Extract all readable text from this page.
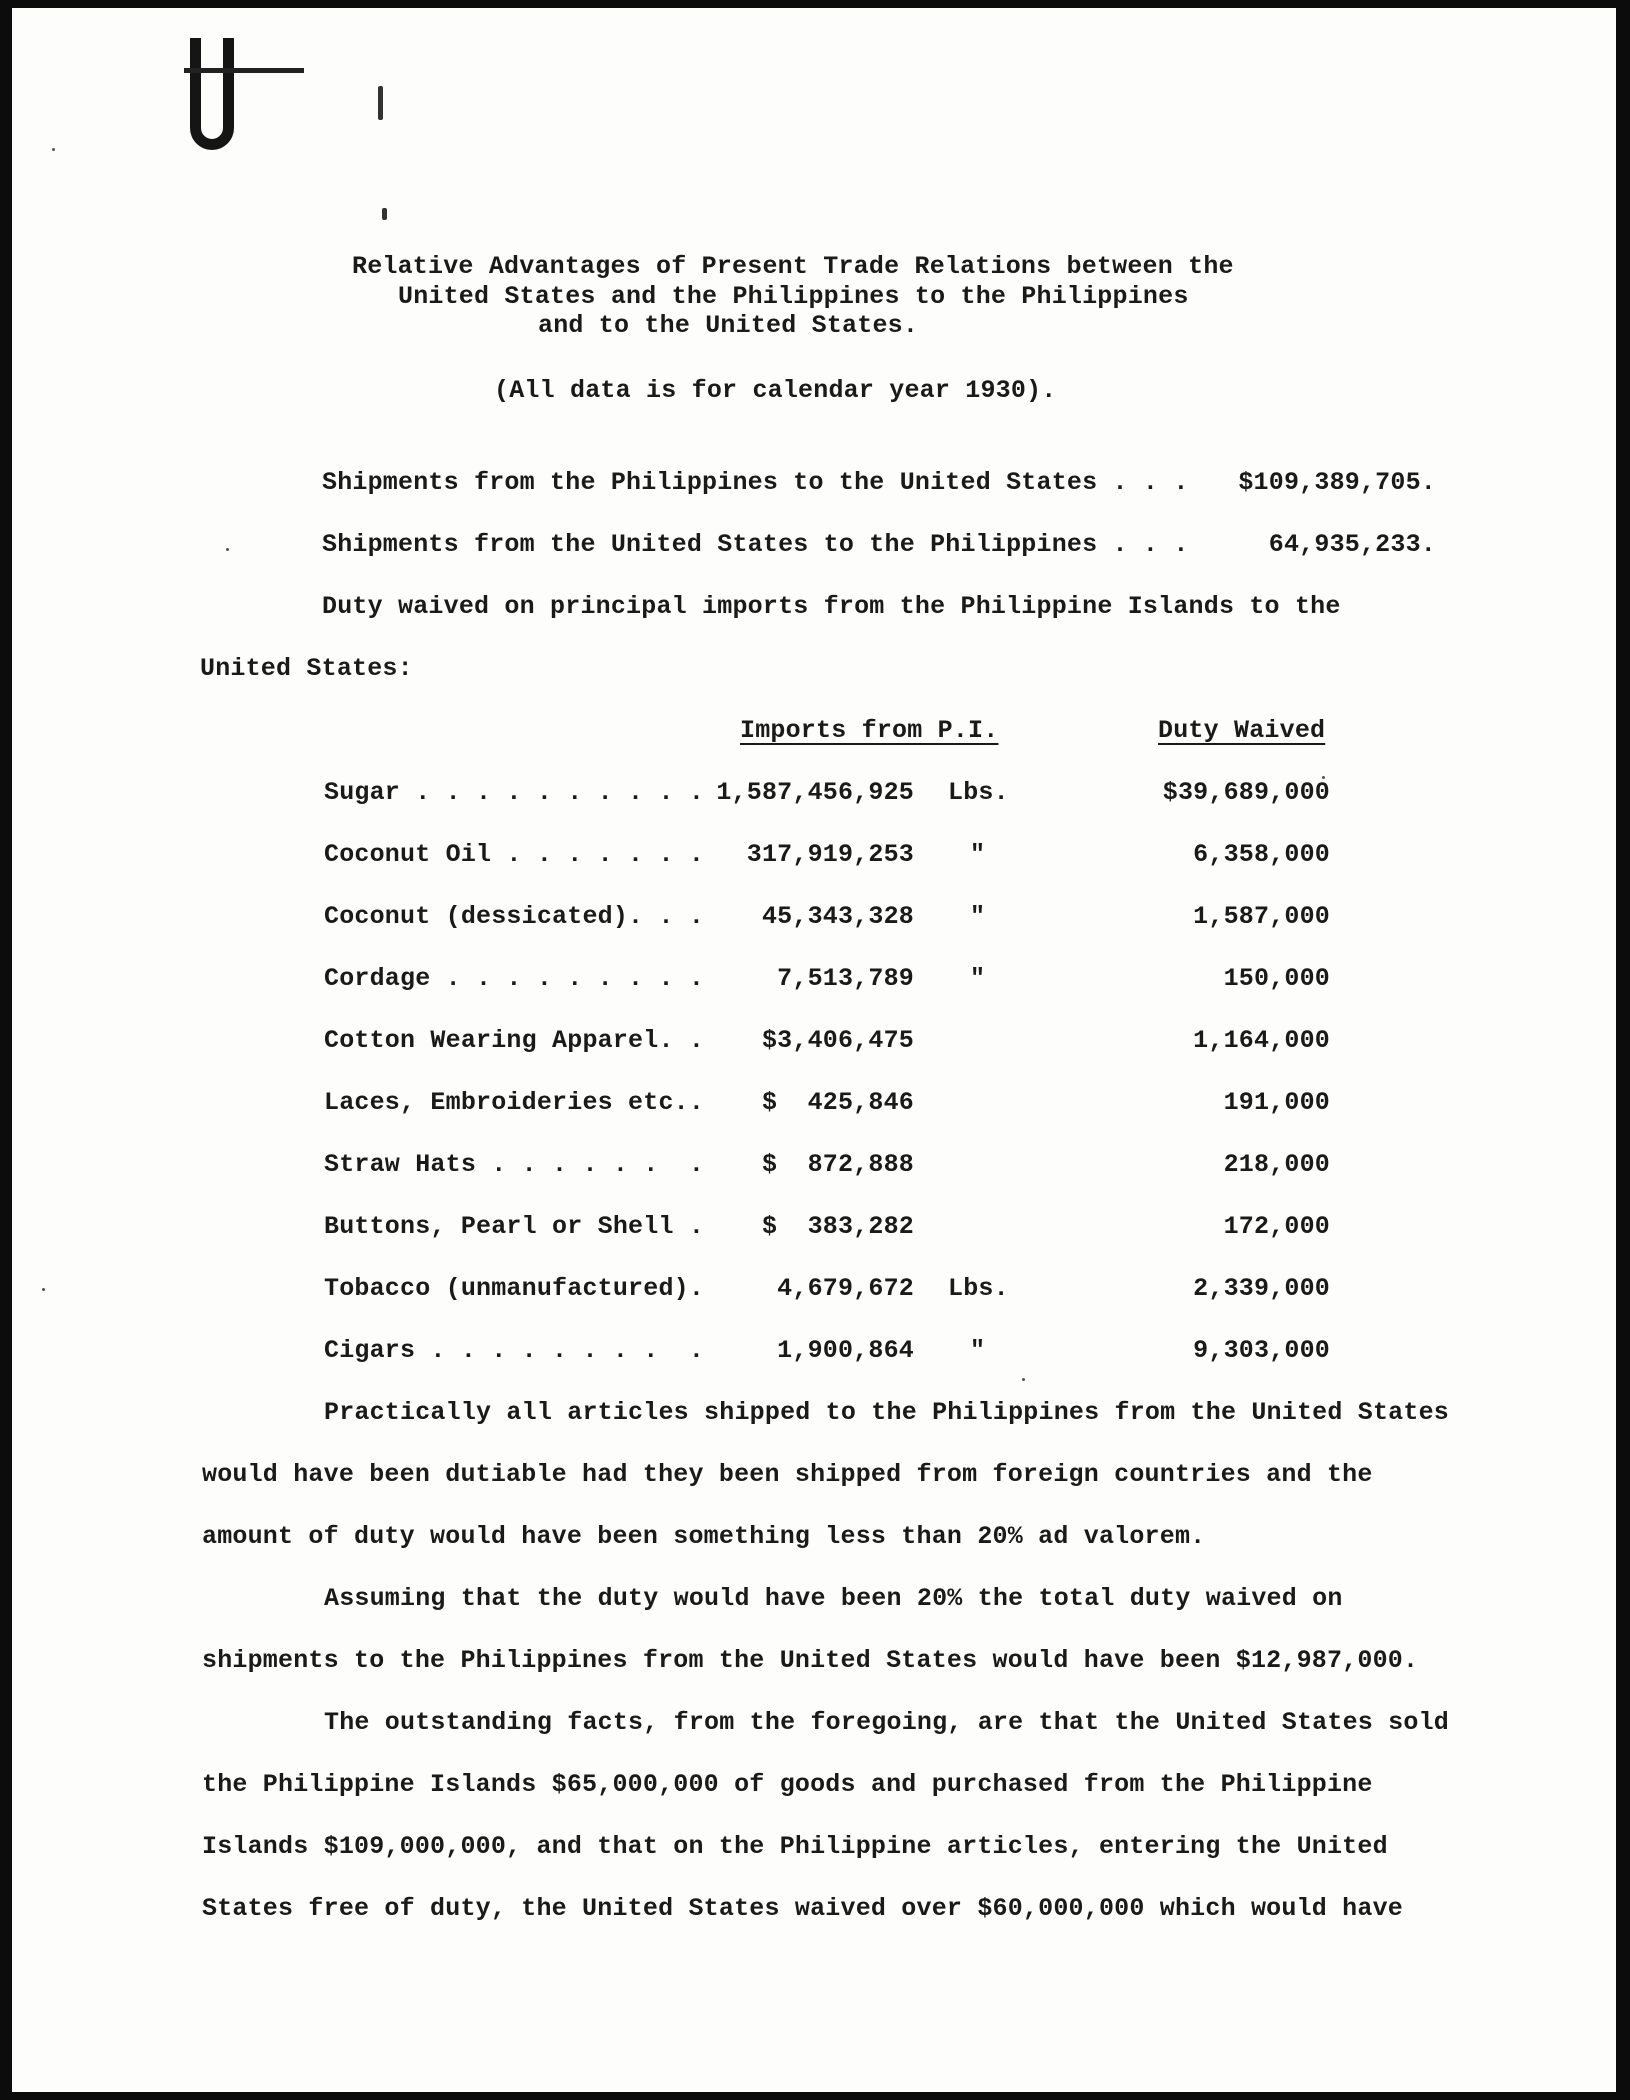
Relative Advantages of Present Trade Relations between the

United States and the Philippines to the Philippines

and to the United States.

(All data is for calendar year 1930).

Shipments from the Philippines to the United States . . . $109,389,705.

Shipments from the United States to the Philippines . . .	64,935,233.

Duty waived on principal imports from the Philippine Islands to the

United States:

Imports from P.I.	Duty Waived

Sugar . . . . . . . . . . 1,587,456,925 Lbs.	$39,689,000

Coconut Oil . . . . . . . 317,919,253 "	6,358,000

Coconut (dessicated). . . 45,343,328 "	1,587,000

Cordage . . . . . . . . .	7,513,789 "	150,000

Cotton Wearing Apparel. . $3,406,475	1,164,000

Laces, Embroideries etc.. $  425,846	191,000

Straw Hats . . . . . .  . $  872,888	218,000

Buttons, Pearl or Shell . $  383,282	172,000

Tobacco (unmanufactured).	4,679,672 Lbs.	2,339,000

Cigars . . . . . . . .  .	1,900,864 "	9,303,000

Practically all articles shipped to the Philippines from the United States

would have been dutiable had they been shipped from foreign countries and the

amount of duty would have been something less than 20% ad valorem.

Assuming that the duty would have been 20% the total duty waived on

shipments to the Philippines from the United States would have been $12,987,000.

The outstanding facts, from the foregoing, are that the United States sold

the Philippine Islands $65,000,000 of goods and purchased from the Philippine

Islands $109,000,000, and that on the Philippine articles, entering the United

States free of duty, the United States waived over $60,000,000 which would have
